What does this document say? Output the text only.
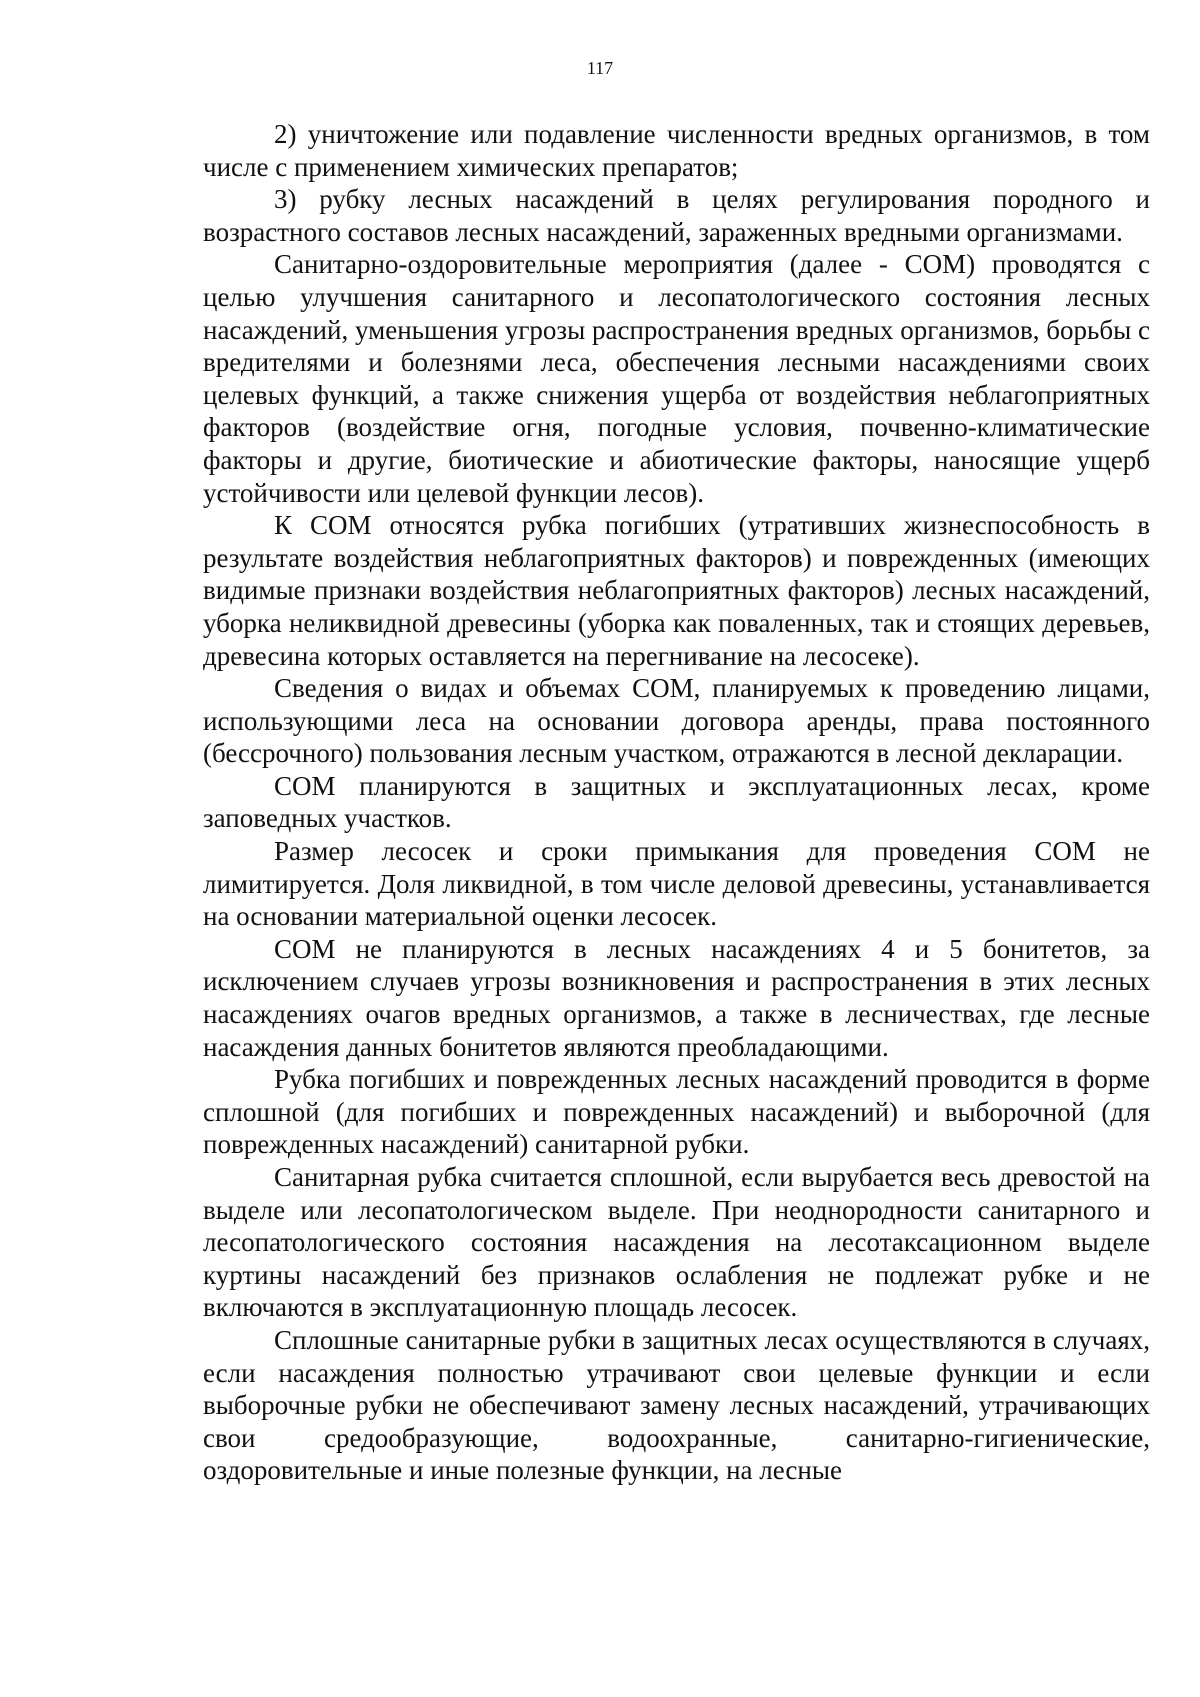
117

2) уничтожение или подавление численности вредных организмов, в том числе с применением химических препаратов;

3) рубку лесных насаждений в целях регулирования породного и возрастного составов лесных насаждений, зараженных вредными организмами.

Санитарно-оздоровительные мероприятия (далее - СОМ) проводятся с целью улучшения санитарного и лесопатологического состояния лесных насаждений, уменьшения угрозы распространения вредных организмов, борьбы с вредителями и болезнями леса, обеспечения лесными насаждениями своих целевых функций, а также снижения ущерба от воздействия неблагоприятных факторов (воздействие огня, погодные условия, почвенно-климатические факторы и другие, биотические и абиотические факторы, наносящие ущерб устойчивости или целевой функции лесов).

К СОМ относятся рубка погибших (утративших жизнеспособность в результате воздействия неблагоприятных факторов) и поврежденных (имеющих видимые признаки воздействия неблагоприятных факторов) лесных насаждений, уборка неликвидной древесины (уборка как поваленных, так и стоящих деревьев, древесина которых оставляется на перегнивание на лесосеке).

Сведения о видах и объемах СОМ, планируемых к проведению лицами, использующими леса на основании договора аренды, права постоянного (бессрочного) пользования лесным участком, отражаются в лесной декларации.

СОМ планируются в защитных и эксплуатационных лесах, кроме заповедных участков.

Размер лесосек и сроки примыкания для проведения СОМ не лимитируется. Доля ликвидной, в том числе деловой древесины, устанавливается на основании материальной оценки лесосек.

СОМ не планируются в лесных насаждениях 4 и 5 бонитетов, за исключением случаев угрозы возникновения и распространения в этих лесных насаждениях очагов вредных организмов, а также в лесничествах, где лесные насаждения данных бонитетов являются преобладающими.

Рубка погибших и поврежденных лесных насаждений проводится в форме сплошной (для погибших и поврежденных насаждений) и выборочной (для поврежденных насаждений) санитарной рубки.

Санитарная рубка считается сплошной, если вырубается весь древостой на выделе или лесопатологическом выделе. При неоднородности санитарного и лесопатологического состояния насаждения на лесотаксационном выделе куртины насаждений без признаков ослабления не подлежат рубке и не включаются в эксплуатационную площадь лесосек.

Сплошные санитарные рубки в защитных лесах осуществляются в случаях, если насаждения полностью утрачивают свои целевые функции и если выборочные рубки не обеспечивают замену лесных насаждений, утрачивающих свои средообразующие, водоохранные, санитарно-гигиенические, оздоровительные и иные полезные функции, на лесные
